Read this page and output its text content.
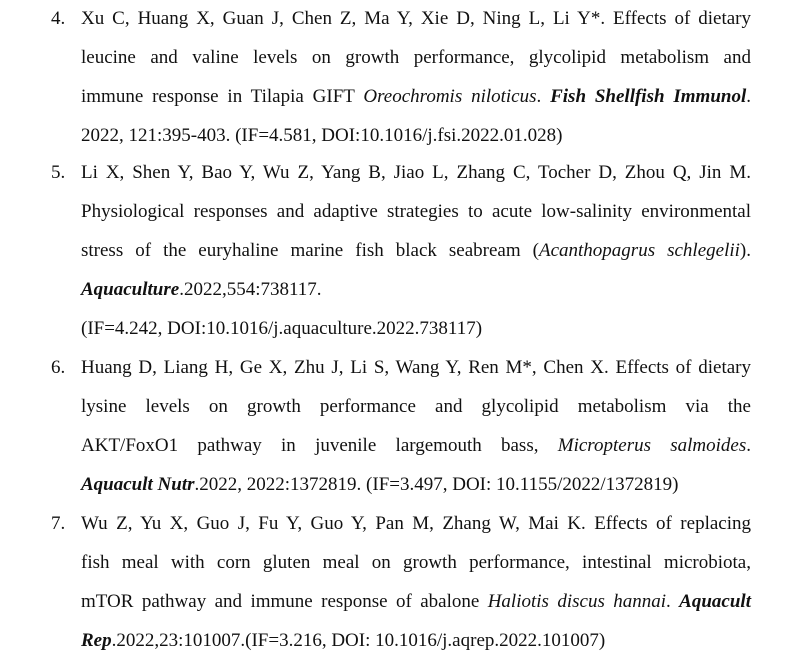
4. Xu C, Huang X, Guan J, Chen Z, Ma Y, Xie D, Ning L, Li Y*. Effects of dietary
leucine and valine levels on growth performance, glycolipid metabolism and
immune response in Tilapia GIFT Oreochromis niloticus. Fish Shellfish Immunol.
2022, 121:395-403. (IF=4.581, DOI:10.1016/j.fsi.2022.01.028)
5. Li X, Shen Y, Bao Y, Wu Z, Yang B, Jiao L, Zhang C, Tocher D, Zhou Q, Jin M.
Physiological responses and adaptive strategies to acute low-salinity environmental
stress of the euryhaline marine fish black seabream (Acanthopagrus schlegelii).
Aquaculture.2022,554:738117.
(IF=4.242, DOI:10.1016/j.aquaculture.2022.738117)
6. Huang D, Liang H, Ge X, Zhu J, Li S, Wang Y, Ren M*, Chen X. Effects of dietary
lysine levels on growth performance and glycolipid metabolism via the
AKT/FoxO1 pathway in juvenile largemouth bass, Micropterus salmoides.
Aquacult Nutr.2022, 2022:1372819. (IF=3.497, DOI: 10.1155/2022/1372819)
7. Wu Z, Yu X, Guo J, Fu Y, Guo Y, Pan M, Zhang W, Mai K. Effects of replacing
fish meal with corn gluten meal on growth performance, intestinal microbiota,
mTOR pathway and immune response of abalone Haliotis discus hannai. Aquacult
Rep.2022,23:101007.(IF=3.216, DOI: 10.1016/j.aqrep.2022.101007)
